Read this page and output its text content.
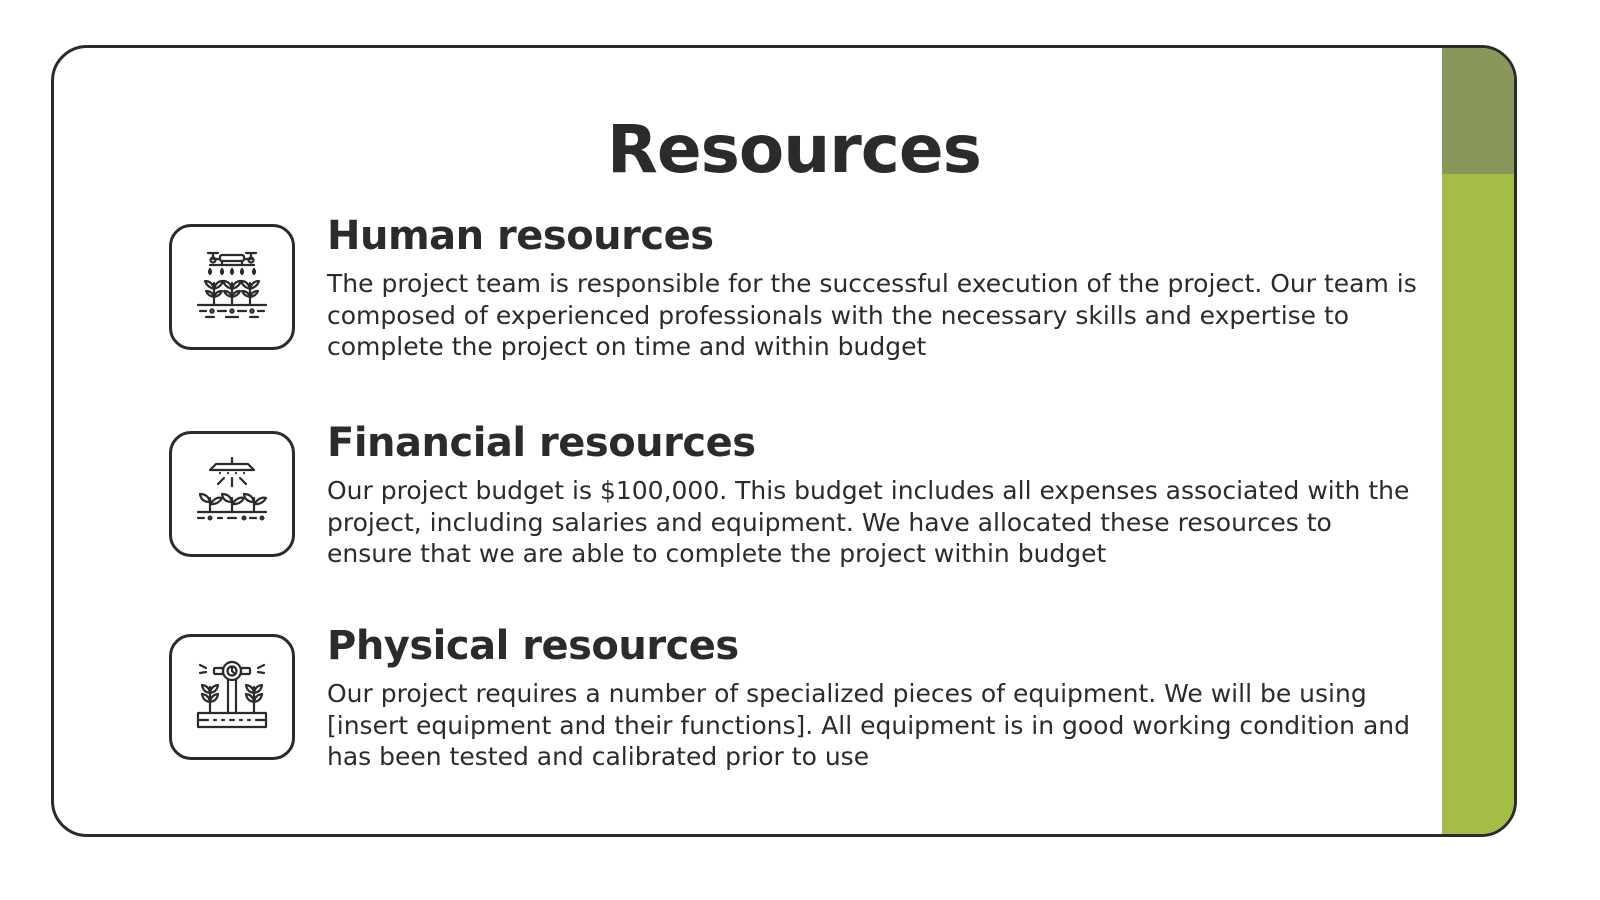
Resources
Human resources

The project team is responsible for the successful execution of the project. Our team is composed of experienced professionals with the necessary skills and expertise to complete the project on time and within budget

Financial resources

Our project budget is $100,000. This budget includes all expenses associated with the project, including salaries and equipment. We have allocated these resources to ensure that we are able to complete the project within budget

Physical resources

Our project requires a number of specialized pieces of equipment. We will be using [insert equipment and their functions]. All equipment is in good working condition and has been tested and calibrated prior to use
